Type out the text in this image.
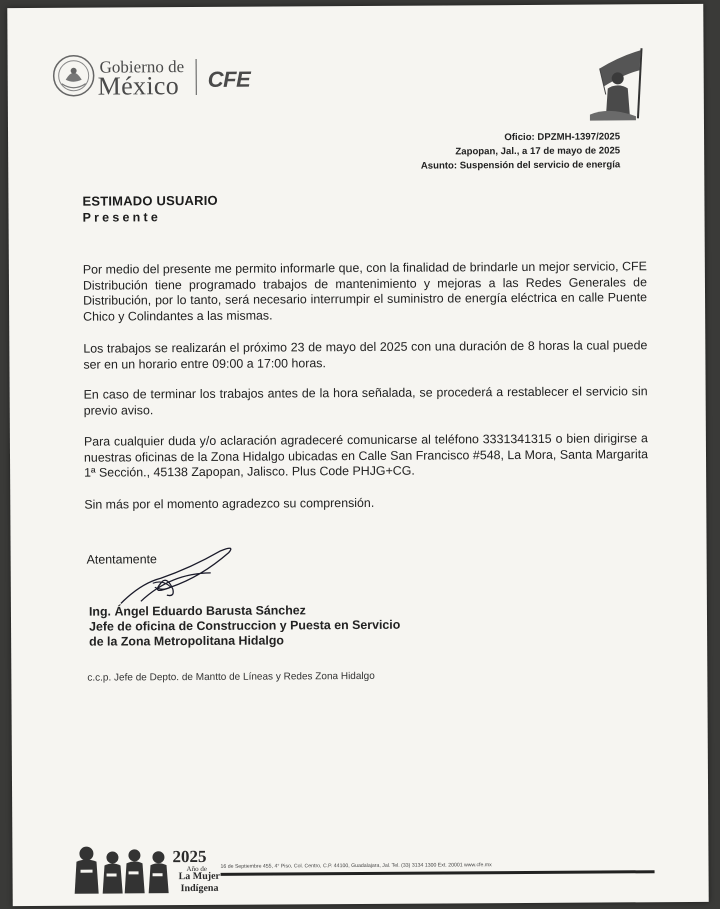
Gobierno de
México CFE
Oficio: DPZMH-1397/2025
Zapopan, Jal., a 17 de mayo de 2025
Asunto: Suspensión del servicio de energía
ESTIMADO USUARIO
Presente
Por medio del presente me permito informarle que, con la finalidad de brindarle un mejor servicio, CFE Distribución tiene programado trabajos de mantenimiento y mejoras a las Redes Generales de Distribución, por lo tanto, será necesario interrumpir el suministro de energía eléctrica en calle Puente Chico y Colindantes a las mismas.
Los trabajos se realizarán el próximo 23 de mayo del 2025 con una duración de 8 horas la cual puede ser en un horario entre 09:00 a 17:00 horas.
En caso de terminar los trabajos antes de la hora señalada, se procederá a restablecer el servicio sin previo aviso.
Para cualquier duda y/o aclaración agradeceré comunicarse al teléfono 3331341315 o bien dirigirse a nuestras oficinas de la Zona Hidalgo ubicadas en Calle San Francisco #548, La Mora, Santa Margarita 1ª Sección., 45138 Zapopan, Jalisco. Plus Code PHJG+CG.
Sin más por el momento agradezco su comprensión.
Atentamente
Ing. Ángel Eduardo Barusta Sánchez
Jefe de oficina de Construccion y Puesta en Servicio
de la Zona Metropolitana Hidalgo
c.c.p. Jefe de Depto. de Mantto de Líneas y Redes Zona Hidalgo
2025
Año de
La Mujer
Indígena
16 de Septiembre 455, 4° Piso, Col. Centro, C.P. 44100, Guadalajara, Jal. Tel. (33) 3134 1300 Ext. 20001 www.cfe.mx
